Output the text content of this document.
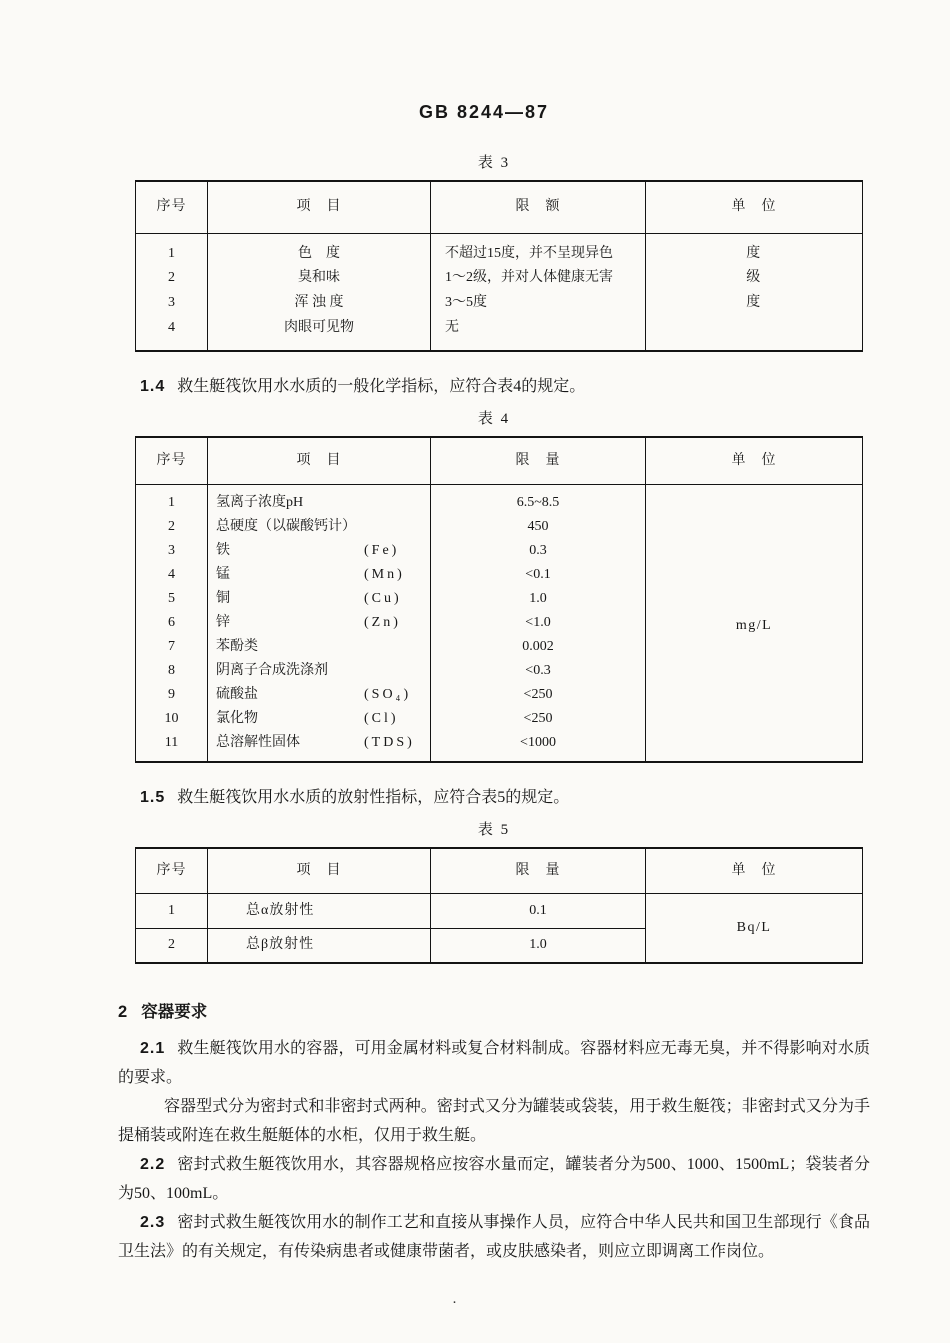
GB 8244—87
表 3
序号	项　目	限　额	单　位
1	色　度	不超过15度，并不呈现异色	度
2	臭和味	1～2级，并对人体健康无害	级
3	浑 浊 度	3～5度	度
4	肉眼可见物	无	

1.4 救生艇筏饮用水水质的一般化学指标，应符合表4的规定。

表 4
序号	项　目	限　量	单　位
1	氢离子浓度pH	6.5~8.5	mg/L
2	总硬度（以碳酸钙计）	450	
3	铁 (Fe)	0.3	
4	锰 (Mn)	<0.1	
5	铜 (Cu)	1.0	
6	锌 (Zn)	<1.0	
7	苯酚类	0.002	
8	阴离子合成洗涤剂	<0.3	
9	硫酸盐 (SO₄)	<250	
10	氯化物 (Cl)	<250	
11	总溶解性固体 (TDS)	<1000	

1.5 救生艇筏饮用水水质的放射性指标，应符合表5的规定。

表 5
序号	项　目	限　量	单　位
1	总α放射性	0.1	Bq/L
2	总β放射性	1.0	
2 容器要求

2.1 救生艇筏饮用水的容器，可用金属材料或复合材料制成。容器材料应无毒无臭，并不得影响对水质的要求。

容器型式分为密封式和非密封式两种。密封式又分为罐装或袋装，用于救生艇筏；非密封式又分为手提桶装或附连在救生艇艇体的水柜，仅用于救生艇。

2.2 密封式救生艇筏饮用水，其容器规格应按容水量而定，罐装者分为500、1000、1500mL；袋装者分为50、100mL。

2.3 密封式救生艇筏饮用水的制作工艺和直接从事操作人员，应符合中华人民共和国卫生部现行《食品卫生法》的有关规定，有传染病患者或健康带菌者，或皮肤感染者，则应立即调离工作岗位。

·
